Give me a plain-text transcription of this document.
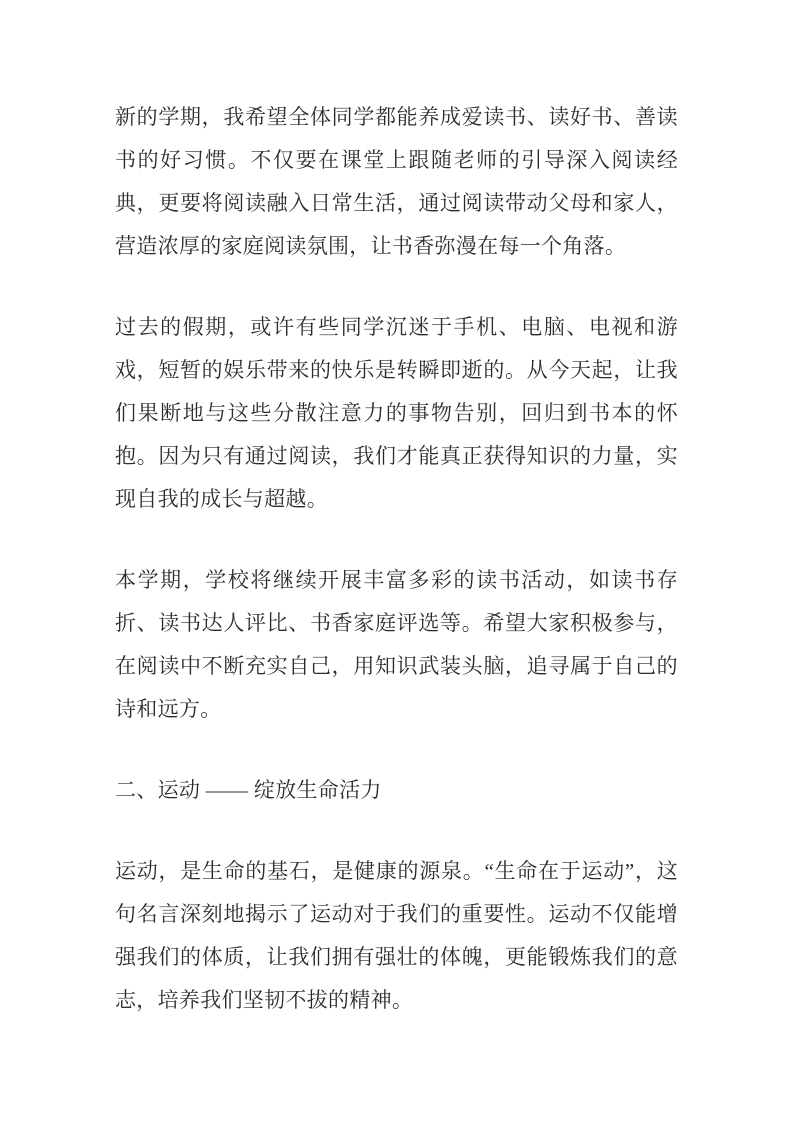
新的学期，我希望全体同学都能养成爱读书、读好书、善读书的好习惯。不仅要在课堂上跟随老师的引导深入阅读经典，更要将阅读融入日常生活，通过阅读带动父母和家人，营造浓厚的家庭阅读氛围，让书香弥漫在每一个角落。

过去的假期，或许有些同学沉迷于手机、电脑、电视和游戏，短暂的娱乐带来的快乐是转瞬即逝的。从今天起，让我们果断地与这些分散注意力的事物告别，回归到书本的怀抱。因为只有通过阅读，我们才能真正获得知识的力量，实现自我的成长与超越。

本学期，学校将继续开展丰富多彩的读书活动，如读书存折、读书达人评比、书香家庭评选等。希望大家积极参与，在阅读中不断充实自己，用知识武装头脑，追寻属于自己的诗和远方。

二、运动 —— 绽放生命活力

运动，是生命的基石，是健康的源泉。“生命在于运动”，这句名言深刻地揭示了运动对于我们的重要性。运动不仅能增强我们的体质，让我们拥有强壮的体魄，更能锻炼我们的意志，培养我们坚韧不拔的精神。
